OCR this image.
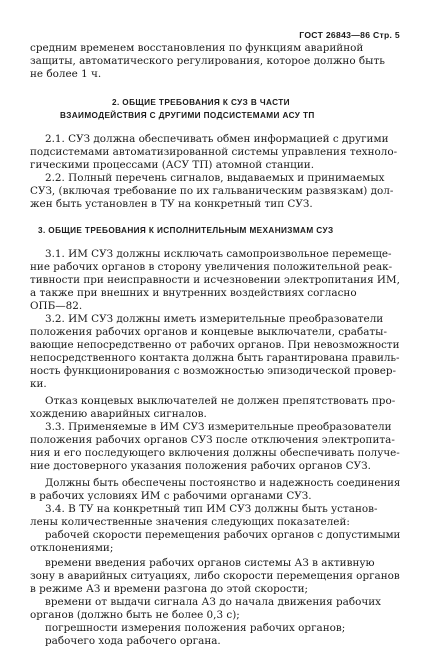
ГОСТ 26843—86 Стр. 5
средним временем восстановления по функциям аварийной
защиты, автоматического регулирования, которое должно быть
не более 1 ч.
2. ОБЩИЕ ТРЕБОВАНИЯ К СУЗ В ЧАСТИ
ВЗАИМОДЕЙСТВИЯ С ДРУГИМИ ПОДСИСТЕМАМИ АСУ ТП
2.1. СУЗ должна обеспечивать обмен информацией с другими
подсистемами автоматизированной системы управления техноло-
гическими процессами (АСУ ТП) атомной станции.
2.2. Полный перечень сигналов, выдаваемых и принимаемых
СУЗ, (включая требование по их гальваническим развязкам) дол-
жен быть установлен в ТУ на конкретный тип СУЗ.
3. ОБЩИЕ ТРЕБОВАНИЯ К ИСПОЛНИТЕЛЬНЫМ МЕХАНИЗМАМ СУЗ
3.1. ИМ СУЗ должны исключать самопроизвольное перемеще-
ние рабочих органов в сторону увеличения положительной реак-
тивности при неисправности и исчезновении электропитания ИМ,
а также при внешних и внутренних воздействиях согласно
ОПБ—82.
3.2. ИМ СУЗ должны иметь измерительные преобразователи
положения рабочих органов и концевые выключатели, срабаты-
вающие непосредственно от рабочих органов. При невозможности
непосредственного контакта должна быть гарантирована правиль-
ность функционирования с возможностью эпизодической провер-
ки.
Отказ концевых выключателей не должен препятствовать про-
хождению аварийных сигналов.
3.3. Применяемые в ИМ СУЗ измерительные преобразователи
положения рабочих органов СУЗ после отключения электропита-
ния и его последующего включения должны обеспечивать получе-
ние достоверного указания положения рабочих органов СУЗ.
Должны быть обеспечены постоянство и надежность соединения
в рабочих условиях ИМ с рабочими органами СУЗ.
3.4. В ТУ на конкретный тип ИМ СУЗ должны быть установ-
лены количественные значения следующих показателей:
рабочей скорости перемещения рабочих органов с допустимыми
отклонениями;
времени введения рабочих органов системы АЗ в активную
зону в аварийных ситуациях, либо скорости перемещения органов
в режиме АЗ и времени разгона до этой скорости;
времени от выдачи сигнала АЗ до начала движения рабочих
органов (должно быть не более 0,3 с);
погрешности измерения положения рабочих органов;
рабочего хода рабочего органа.
